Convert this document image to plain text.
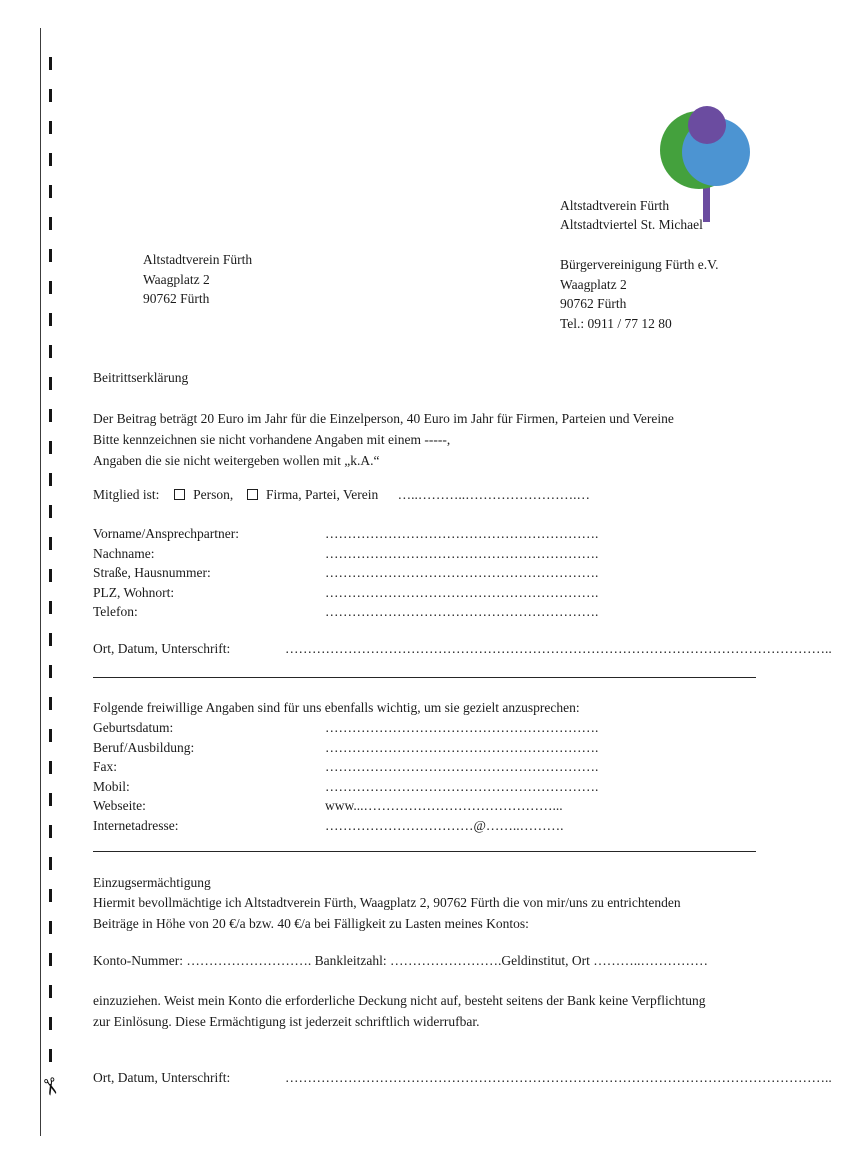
✂
Altstadtverein Fürth
Altstadtviertel St. Michael
Altstadtverein Fürth
Waagplatz 2
90762 Fürth
Bürgervereinigung Fürth e.V.
Waagplatz 2
90762 Fürth
Tel.: 0911 / 77 12 80
Beitrittserklärung
Der Beitrag beträgt 20 Euro im Jahr für die Einzelperson, 40 Euro im Jahr für Firmen, Parteien und Vereine
Bitte kennzeichnen sie nicht vorhandene Angaben mit einem -----,
Angaben die sie nicht weitergeben wollen mit „k.A.“
Mitglied ist:	Person, Firma, Partei, Verein …..………..…………………….…
Vorname/Ansprechpartner:	…………………………………………………….
Nachname:	…………………………………………………….
Straße, Hausnummer:	…………………………………………………….
PLZ, Wohnort:	…………………………………………………….
Telefon:	…………………………………………………….
Ort, Datum, Unterschrift:	…………………………………………………………………………………………………………..
Folgende freiwillige Angaben sind für uns ebenfalls wichtig, um sie gezielt anzusprechen:
Geburtsdatum:	…………………………………………………….
Beruf/Ausbildung:	…………………………………………………….
Fax:	…………………………………………………….
Mobil:	…………………………………………………….
Webseite:	www...……………………………………...
Internetadresse:	……………………………@……..……….
Einzugsermächtigung
Hiermit bevollmächtige ich Altstadtverein Fürth, Waagplatz 2, 90762 Fürth die von mir/uns zu entrichtenden
Beiträge in Höhe von 20 €/a bzw. 40 €/a bei Fälligkeit zu Lasten meines Kontos:
Konto-Nummer: ………………………. Bankleitzahl: …………………….Geldinstitut, Ort ………..……………
einzuziehen. Weist mein Konto die erforderliche Deckung nicht auf, besteht seitens der Bank keine Verpflichtung
zur Einlösung. Diese Ermächtigung ist jederzeit schriftlich widerrufbar.
Ort, Datum, Unterschrift:	…………………………………………………………………………………………………………..
